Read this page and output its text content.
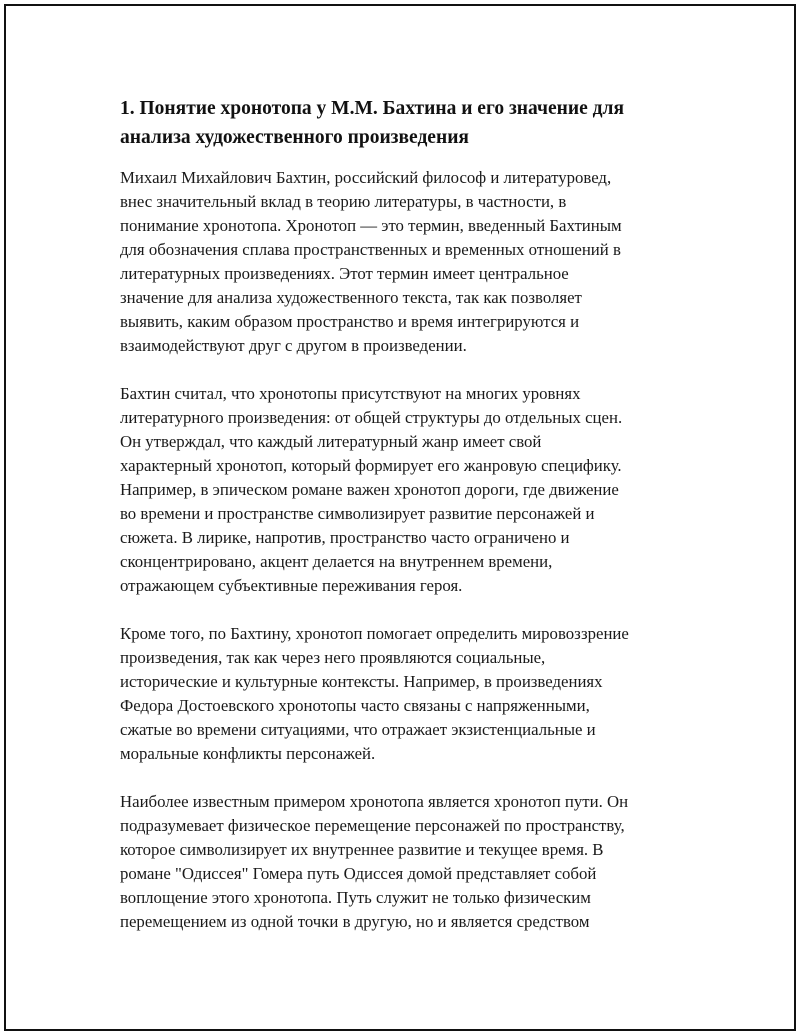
1. Понятие хронотопа у М.М. Бахтина и его значение для
анализа художественного произведения
Михаил Михайлович Бахтин, российский философ и литературовед,
внес значительный вклад в теорию литературы, в частности, в
понимание хронотопа. Хронотоп — это термин, введенный Бахтиным
для обозначения сплава пространственных и временных отношений в
литературных произведениях. Этот термин имеет центральное
значение для анализа художественного текста, так как позволяет
выявить, каким образом пространство и время интегрируются и
взаимодействуют друг с другом в произведении.
Бахтин считал, что хронотопы присутствуют на многих уровнях
литературного произведения: от общей структуры до отдельных сцен.
Он утверждал, что каждый литературный жанр имеет свой
характерный хронотоп, который формирует его жанровую специфику.
Например, в эпическом романе важен хронотоп дороги, где движение
во времени и пространстве символизирует развитие персонажей и
сюжета. В лирике, напротив, пространство часто ограничено и
сконцентрировано, акцент делается на внутреннем времени,
отражающем субъективные переживания героя.
Кроме того, по Бахтину, хронотоп помогает определить мировоззрение
произведения, так как через него проявляются социальные,
исторические и культурные контексты. Например, в произведениях
Федора Достоевского хронотопы часто связаны с напряженными,
сжатые во времени ситуациями, что отражает экзистенциальные и
моральные конфликты персонажей.
Наиболее известным примером хронотопа является хронотоп пути. Он
подразумевает физическое перемещение персонажей по пространству,
которое символизирует их внутреннее развитие и текущее время. В
романе "Одиссея" Гомера путь Одиссея домой представляет собой
воплощение этого хронотопа. Путь служит не только физическим
перемещением из одной точки в другую, но и является средством
